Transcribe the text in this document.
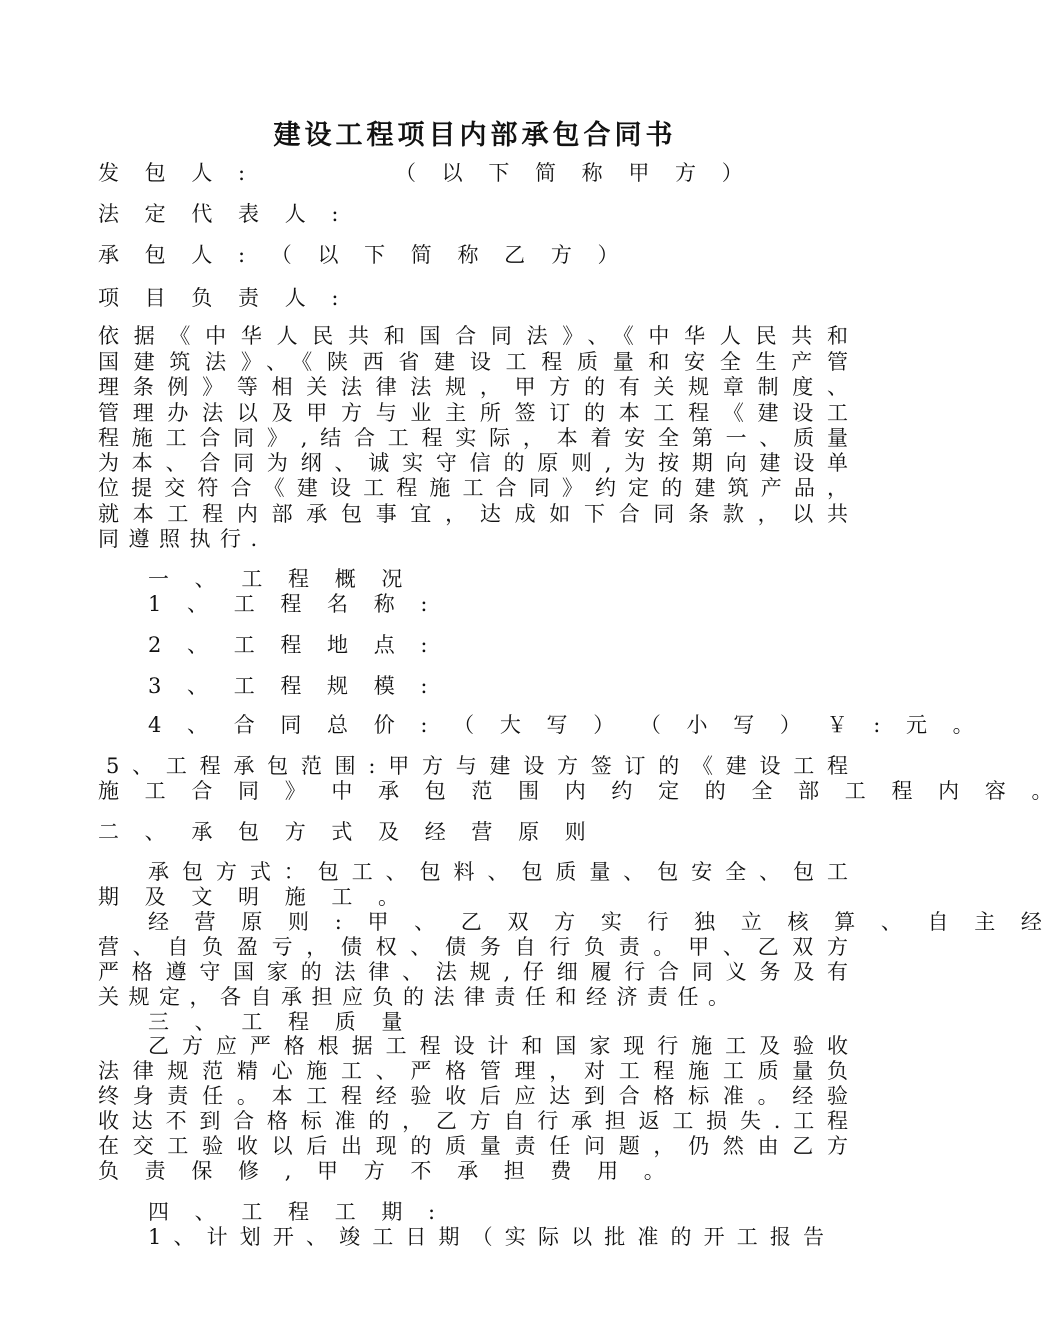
建设工程项目内部承包合同书
发 包 人 :	（ 以 下 简 称 甲 方 ）
法 定 代 表 人 :
承 包 人 : （ 以 下 简 称 乙 方 ）
项 目 负 责 人 :
依据《中华人民共和国合同法》、《中华人民共和
国建筑法》、《陕西省建设工程质量和安全生产管
理条例》等相关法律法规，甲方的有关规章制度、
管理办法以及甲方与业主所签订的本工程《建设工
程施工合同》,结合工程实际，本着安全第一、质量
为本、合同为纲、诚实守信的原则,为按期向建设单
位提交符合《建设工程施工合同》约定的建筑产品，
就本工程内部承包事宜，达成如下合同条款，以共
同遵照执行.
一 、 工 程 概 况
1 、 工 程 名 称 :
2 、 工 程 地 点 :
3 、 工 程 规 模 :
4 、 合 同 总 价 : （ 大 写 ） （ 小 写 ） ￥ : 元 。
5、工程承包范围:甲方与建设方签订的《建设工程
施 工 合 同 》 中 承 包 范 围 内 约 定 的 全 部 工 程 内 容 。
二 、 承 包 方 式 及 经 营 原 则
承包方式：包工、包料、包质量、包安全、包工
期 及 文 明 施 工 。
经 营 原 则 : 甲 、 乙 双 方 实 行 独 立 核 算 、 自 主 经
营、自负盈亏，债权、债务自行负责。甲、乙双方
严格遵守国家的法律、法规,仔细履行合同义务及有
关规定，各自承担应负的法律责任和经济责任。
三 、 工 程 质 量
乙方应严格根据工程设计和国家现行施工及验收
法律规范精心施工、严格管理，对工程施工质量负
终身责任。本工程经验收后应达到合格标准。经验
收达不到合格标准的，乙方自行承担返工损失.工程
在交工验收以后出现的质量责任问题，仍然由乙方
负 责 保 修 , 甲 方 不 承 担 费 用 。
四 、 工 程 工 期 :
1、计划开、竣工日期（实际以批准的开工报告
